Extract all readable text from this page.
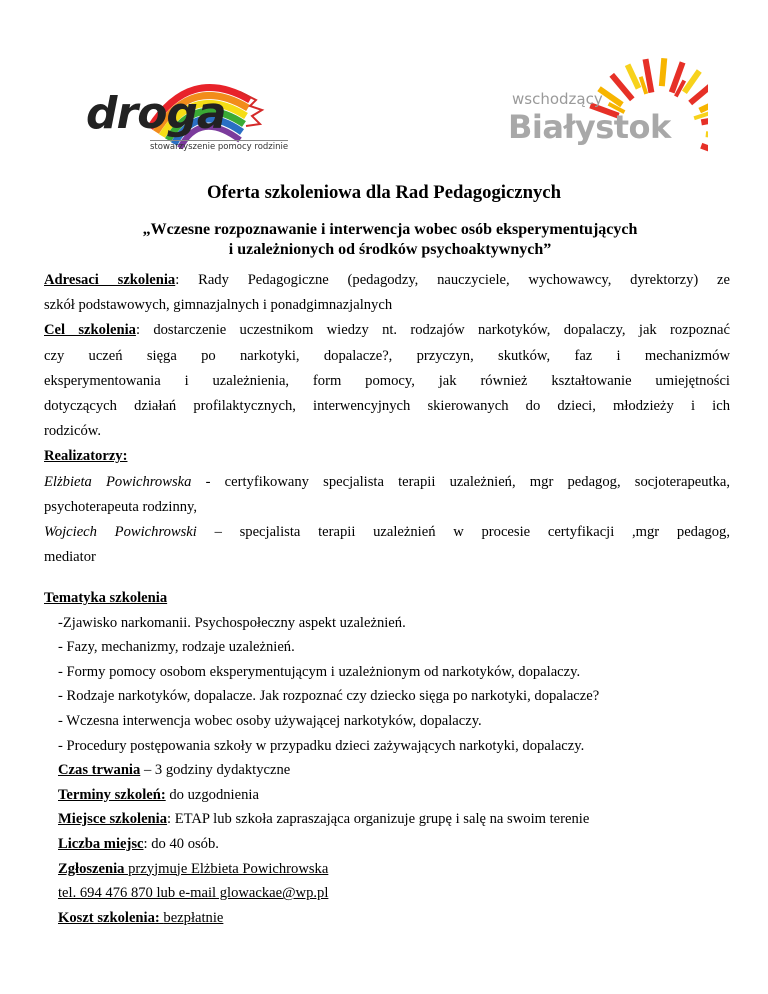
droga
stowarzyszenie pomocy rodzinie
wschodzący
Białystok
Oferta szkoleniowa dla Rad Pedagogicznych
„Wczesne rozpoznawanie i interwencja wobec osób eksperymentujących
i uzależnionych od środków psychoaktywnych”
Adresaci szkolenia: Rady Pedagogiczne (pedagodzy, nauczyciele, wychowawcy, dyrektorzy) ze
szkół podstawowych, gimnazjalnych i ponadgimnazjalnych
Cel szkolenia: dostarczenie uczestnikom wiedzy nt. rodzajów narkotyków, dopalaczy, jak rozpoznać
czy uczeń sięga po narkotyki, dopalacze?, przyczyn, skutków, faz i mechanizmów
eksperymentowania i uzależnienia, form pomocy, jak również kształtowanie umiejętności
dotyczących działań profilaktycznych, interwencyjnych skierowanych do dzieci, młodzieży i ich
rodziców.
Realizatorzy:
Elżbieta Powichrowska - certyfikowany specjalista terapii uzależnień, mgr pedagog, socjoterapeutka,
psychoterapeuta rodzinny,
Wojciech Powichrowski – specjalista terapii uzależnień w procesie certyfikacji ,mgr pedagog,
mediator
Tematyka szkolenia
-Zjawisko narkomanii. Psychospołeczny aspekt uzależnień.
- Fazy, mechanizmy, rodzaje uzależnień.
- Formy pomocy osobom eksperymentującym i uzależnionym od narkotyków, dopalaczy.
- Rodzaje narkotyków, dopalacze. Jak rozpoznać czy dziecko sięga po narkotyki, dopalacze?
- Wczesna interwencja wobec osoby używającej narkotyków, dopalaczy.
- Procedury postępowania szkoły w przypadku dzieci zażywających narkotyki, dopalaczy.
Czas trwania – 3 godziny dydaktyczne
Terminy szkoleń: do uzgodnienia
Miejsce szkolenia: ETAP lub szkoła zapraszająca organizuje grupę i salę na swoim terenie
Liczba miejsc: do 40 osób.
Zgłoszenia przyjmuje Elżbieta Powichrowska
tel. 694 476 870 lub e-mail glowackae@wp.pl
Koszt szkolenia: bezpłatnie
